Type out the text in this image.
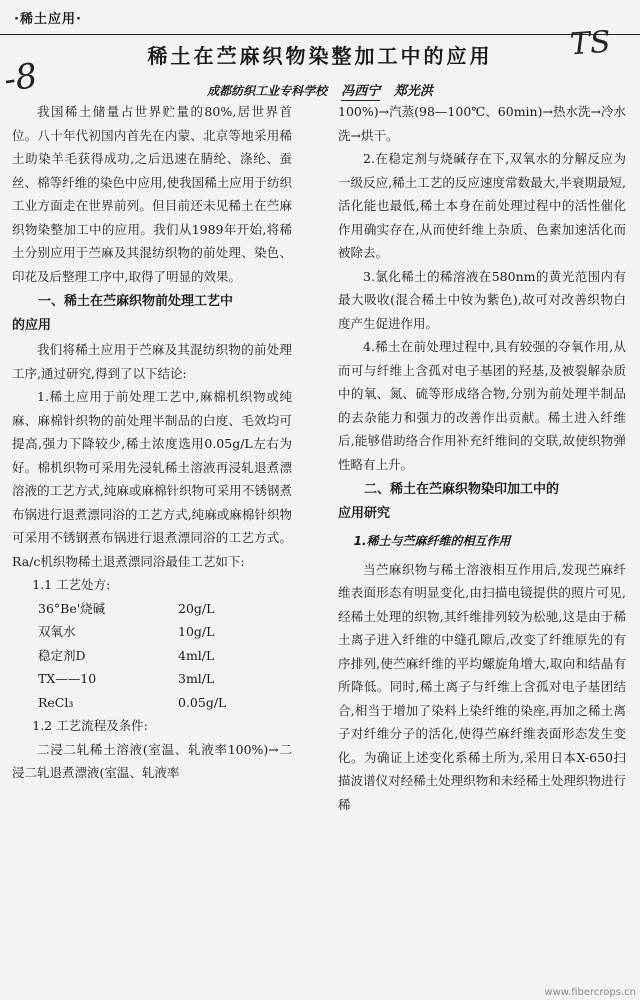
·稀土应用·
TS
-8	稀土在苎麻织物染整加工中的应用
成都纺织工业专科学校 冯西宁 郑光洪

我国稀土储量占世界贮量的80%,居世界首位。八十年代初国内首先在内蒙、北京等地采用稀土助染羊毛获得成功,之后迅速在腈纶、涤纶、蚕丝、棉等纤维的染色中应用,使我国稀土应用于纺织工业方面走在世界前列。但目前还未见稀土在苎麻织物染整加工中的应用。我们从1989年开始,将稀土分别应用于苎麻及其混纺织物的前处理、染色、印花及后整理工序中,取得了明显的效果。

一、稀土在苎麻织物前处理工艺中
的应用

我们将稀土应用于苎麻及其混纺织物的前处理工序,通过研究,得到了以下结论:

1.稀土应用于前处理工艺中,麻棉机织物或纯麻、麻棉针织物的前处理半制品的白度、毛效均可提高,强力下降较少,稀土浓度选用0.05g/L左右为好。棉机织物可采用先浸轧稀土溶液再浸轧退煮漂溶液的工艺方式,纯麻或麻棉针织物可采用不锈钢煮布锅进行退煮漂同浴的工艺方式,纯麻或麻棉针织物可采用不锈钢煮布锅进行退煮漂同浴的工艺方式。Ra/c机织物稀土退煮漂同浴最佳工艺如下:

1.1 工艺处方:
36°Be'烧碱	20g/L
双氧水	10g/L
稳定剂D	4ml/L
TX——10	3ml/L
ReCl₃	0.05g/L
1.2 工艺流程及条件:

二浸二轧稀土溶液(室温、轧液率100%)→二浸二轧退煮漂液(室温、轧液率

100%)→汽蒸(98—100℃、60min)→热水洗→冷水洗→烘干。

2.在稳定剂与烧碱存在下,双氧水的分解反应为一级反应,稀土工艺的反应速度常数最大,半衰期最短,活化能也最低,稀土本身在前处理过程中的活性催化作用确实存在,从而使纤维上杂质、色素加速活化而被除去。

3.氯化稀土的稀溶液在580nm的黄光范围内有最大吸收(混合稀土中钕为紫色),故可对改善织物白度产生促进作用。

4.稀土在前处理过程中,具有较强的夺氧作用,从而可与纤维上含孤对电子基团的羟基,及被裂解杂质中的氧、氮、硫等形成络合物,分别为前处理半制品的去杂能力和强力的改善作出贡献。稀土进入纤维后,能够借助络合作用补充纤维间的交联,故使织物弹性略有上升。

二、稀土在苎麻织物染印加工中的
应用研究
1.稀土与苎麻纤维的相互作用

当苎麻织物与稀土溶液相互作用后,发现苎麻纤维表面形态有明显变化,由扫描电镜提供的照片可见,经稀土处理的织物,其纤维排列较为松驰,这是由于稀土离子进入纤维的中缝孔隙后,改变了纤维原先的有序排列,使苎麻纤维的平均螺旋角增大,取向和结晶有所降低。同时,稀土离子与纤维上含孤对电子基团结合,相当于增加了染料上染纤维的染座,再加之稀土离子对纤维分子的活化,使得苎麻纤维表面形态发生变化。为确证上述变化系稀土所为,采用日本X-650扫描波谱仪对经稀土处理织物和未经稀土处理织物进行稀

www.fibercrops.cn
